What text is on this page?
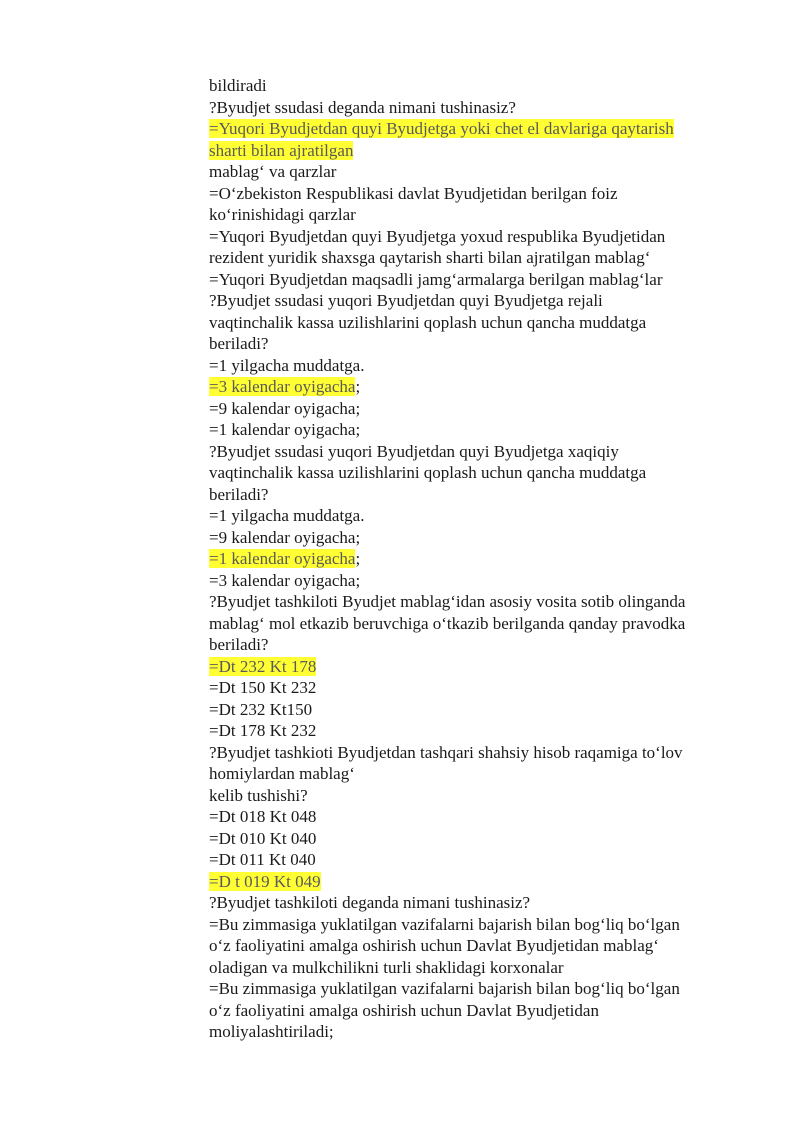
bildiradi
?Byudjet ssudasi deganda nimani tushinasiz?
=Yuqori Byudjetdan quyi Byudjetga yoki chet el davlariga qaytarish
sharti bilan ajratilgan
mablag‘ va qarzlar
=O‘zbekiston Respublikasi davlat Byudjetidan berilgan foiz
ko‘rinishidagi qarzlar
=Yuqori Byudjetdan quyi Byudjetga yoxud respublika Byudjetidan
rezident yuridik shaxsga qaytarish sharti bilan ajratilgan mablag‘
=Yuqori Byudjetdan maqsadli jamg‘armalarga berilgan mablag‘lar
?Byudjet ssudasi yuqori Byudjetdan quyi Byudjetga rejali
vaqtinchalik kassa uzilishlarini qoplash uchun qancha muddatga
beriladi?
=1 yilgacha muddatga.
=3 kalendar oyigacha;
=9 kalendar oyigacha;
=1 kalendar oyigacha;
?Byudjet ssudasi yuqori Byudjetdan quyi Byudjetga xaqiqiy
vaqtinchalik kassa uzilishlarini qoplash uchun qancha muddatga
beriladi?
=1 yilgacha muddatga.
=9 kalendar oyigacha;
=1 kalendar oyigacha;
=3 kalendar oyigacha;
?Byudjet tashkiloti Byudjet mablag‘idan asosiy vosita sotib olinganda
mablag‘ mol etkazib beruvchiga o‘tkazib berilganda qanday pravodka
beriladi?
=Dt 232 Kt 178
=Dt 150 Kt 232
=Dt 232 Kt150
=Dt 178 Kt 232
?Byudjet tashkioti Byudjetdan tashqari shahsiy hisob raqamiga to‘lov
homiylardan mablag‘
kelib tushishi?
=Dt 018 Kt 048
=Dt 010 Kt 040
=Dt 011 Kt 040
=D t 019 Kt 049
?Byudjet tashkiloti deganda nimani tushinasiz?
=Bu zimmasiga yuklatilgan vazifalarni bajarish bilan bog‘liq bo‘lgan
o‘z faoliyatini amalga oshirish uchun Davlat Byudjetidan mablag‘
oladigan va mulkchilikni turli shaklidagi korxonalar
=Bu zimmasiga yuklatilgan vazifalarni bajarish bilan bog‘liq bo‘lgan
o‘z faoliyatini amalga oshirish uchun Davlat Byudjetidan
moliyalashtiriladi;
